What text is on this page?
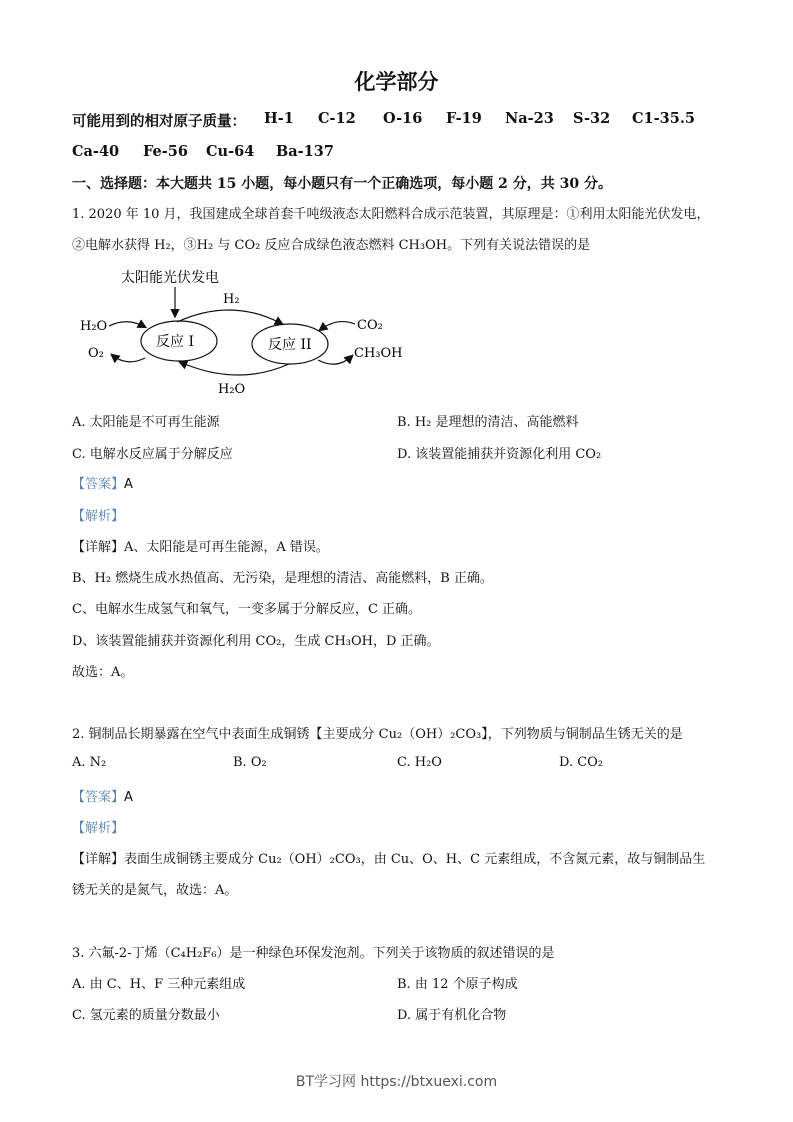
化学部分
可能用到的相对原子质量： H-1 C-12 O-16 F-19 Na-23 S-32 C1-35.5
Ca-40 Fe-56 Cu-64 Ba-137
一、选择题：本大题共 15 小题，每小题只有一个正确选项，每小题 2 分，共 30 分。
1. 2020 年 10 月，我国建成全球首套千吨级液态太阳燃料合成示范装置，其原理是：①利用太阳能光伏发电，
②电解水获得 H₂，③H₂ 与 CO₂ 反应合成绿色液态燃料 CH₃OH。下列有关说法错误的是
太阳能光伏发电
反应 I	反应 II
H₂
H₂O
H₂O
O₂
CO₂
CH₃OH
A. 太阳能是不可再生能源	B. H₂ 是理想的清洁、高能燃料
C. 电解水反应属于分解反应	D. 该装置能捕获并资源化利用 CO₂
【答案】A
【解析】
【详解】A、太阳能是可再生能源，A 错误。
B、H₂ 燃烧生成水热值高、无污染，是理想的清洁、高能燃料，B 正确。
C、电解水生成氢气和氧气，一变多属于分解反应，C 正确。
D、该装置能捕获并资源化利用 CO₂，生成 CH₃OH，D 正确。
故选：A。
2. 铜制品长期暴露在空气中表面生成铜锈【主要成分 Cu₂（OH）₂CO₃】，下列物质与铜制品生锈无关的是
A. N₂	B. O₂	C. H₂O	D. CO₂
【答案】A
【解析】
【详解】表面生成铜锈主要成分 Cu₂（OH）₂CO₃，由 Cu、O、H、C 元素组成，不含氮元素，故与铜制品生
锈无关的是氮气，故选：A。
3. 六氟-2-丁烯（C₄H₂F₆）是一种绿色环保发泡剂。下列关于该物质的叙述错误的是
A. 由 C、H、F 三种元素组成	B. 由 12 个原子构成
C. 氢元素的质量分数最小	D. 属于有机化合物
BT学习网 https://btxuexi.com
